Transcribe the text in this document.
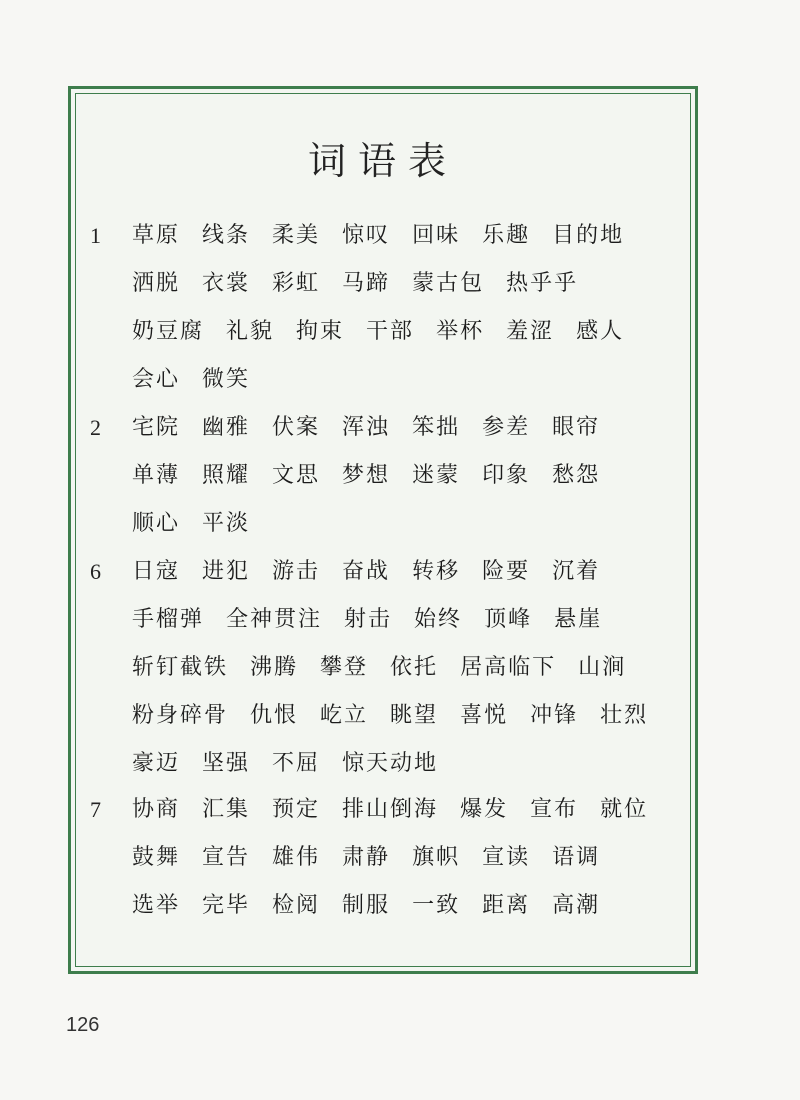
词语表
1	草原 线条 柔美 惊叹 回味 乐趣 目的地
洒脱 衣裳 彩虹 马蹄 蒙古包 热乎乎
奶豆腐 礼貌 拘束 干部 举杯 羞涩 感人
会心 微笑
2	宅院 幽雅 伏案 浑浊 笨拙 参差 眼帘
单薄 照耀 文思 梦想 迷蒙 印象 愁怨
顺心 平淡
6	日寇 进犯 游击 奋战 转移 险要 沉着
手榴弹 全神贯注 射击 始终 顶峰 悬崖
斩钉截铁 沸腾 攀登 依托 居高临下 山涧
粉身碎骨 仇恨 屹立 眺望 喜悦 冲锋 壮烈
豪迈 坚强 不屈 惊天动地
7	协商 汇集 预定 排山倒海 爆发 宣布 就位
鼓舞 宣告 雄伟 肃静 旗帜 宣读 语调
选举 完毕 检阅 制服 一致 距离 高潮
126
